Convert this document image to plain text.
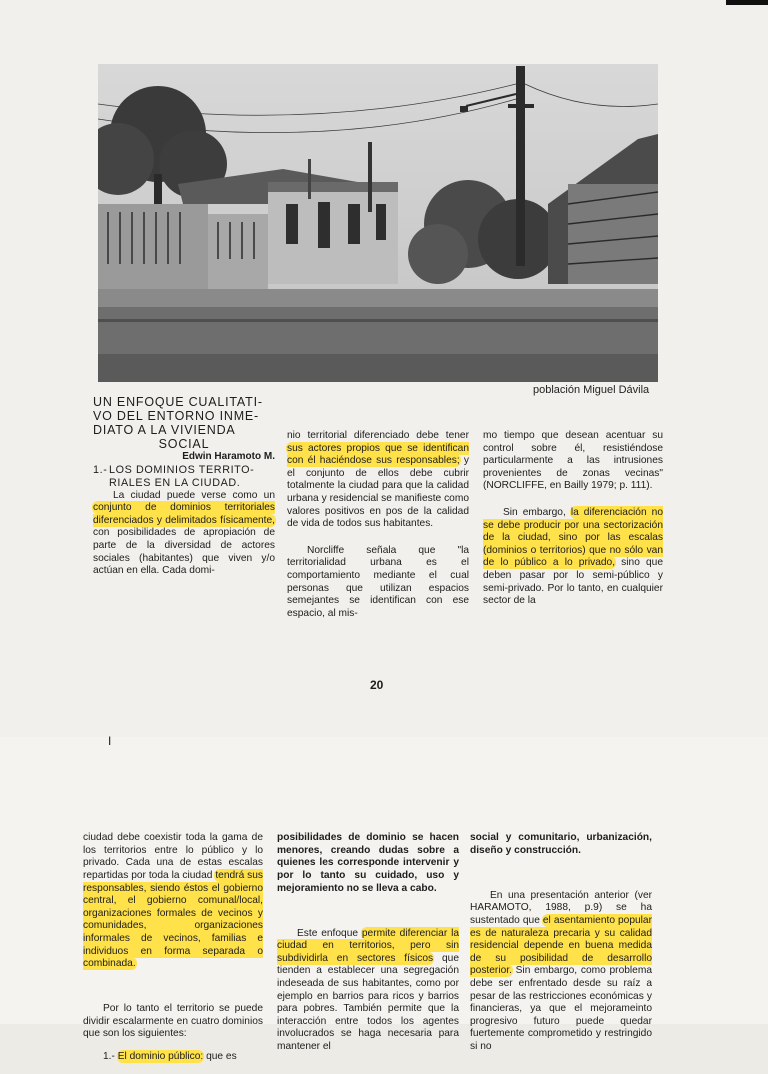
población Miguel Dávila

UN ENFOQUE CUALITATI-
VO DEL ENTORNO INME-
DIATO A LA VIVIENDA
SOCIAL

Edwin Haramoto M.

1.- LOS DOMINIOS TERRITO-
RIALES EN LA CIUDAD.

La ciudad puede verse como un conjunto de dominios territoriales diferenciados y delimitados físicamente, con posibilidades de apropiación de parte de la diversidad de actores sociales (habitantes) que viven y/o actúan en ella. Cada domi-

nio territorial diferenciado debe tener sus actores propios que se identifican con él haciéndose sus responsables; y el conjunto de ellos debe cubrir totalmente la ciudad para que la calidad urbana y residencial se manifieste como valores positivos en pos de la calidad de vida de todos sus habitantes.

Norcliffe señala que "la territorialidad urbana es el comportamiento mediante el cual personas que utilizan espacios semejantes se identifican con ese espacio, al mis-

mo tiempo que desean acentuar su control sobre él, resistiéndose particularmente a las intrusiones provenientes de zonas vecinas" (NORCLIFFE, en Bailly 1979; p. 111).

Sin embargo, la diferenciación no se debe producir por una sectorización de la ciudad, sino por las escalas (dominios o territorios) que no sólo van de lo público a lo privado, sino que deben pasar por lo semi-público y semi-privado. Por lo tanto, en cualquier sector de la

20
I

ciudad debe coexistir toda la gama de los territorios entre lo público y lo privado. Cada una de estas escalas repartidas por toda la ciudad tendrá sus responsables, siendo éstos el gobierno central, el gobierno comunal/local, organizaciones formales de vecinos y comunidades, organizaciones informales de vecinos, familias e individuos en forma separada o combinada.

Por lo tanto el territorio se puede dividir escalarmente en cuatro dominios que son los siguientes:

1.- El dominio público: que es

posibilidades de dominio se hacen menores, creando dudas sobre a quienes les corresponde intervenir y por lo tanto su cuidado, uso y mejoramiento no se lleva a cabo.

Este enfoque permite diferenciar la ciudad en territorios, pero sin subdividirla en sectores físicos que tienden a establecer una segregación indeseada de sus habitantes, como por ejemplo en barrios para ricos y barrios para pobres. También permite que la interacción entre todos los agentes involucrados se haga necesaria para mantener el

social y comunitario, urbanización, diseño y construcción.

En una presentación anterior (ver HARAMOTO, 1988, p.9) se ha sustentado que el asentamiento popular es de naturaleza precaria y su calidad residencial depende en buena medida de su posibilidad de desarrollo posterior. Sin embargo, como problema debe ser enfrentado desde su raíz a pesar de las restricciones económicas y financieras, ya que el mejorameinto progresivo futuro puede quedar fuertemente comprometido y restringido si no
